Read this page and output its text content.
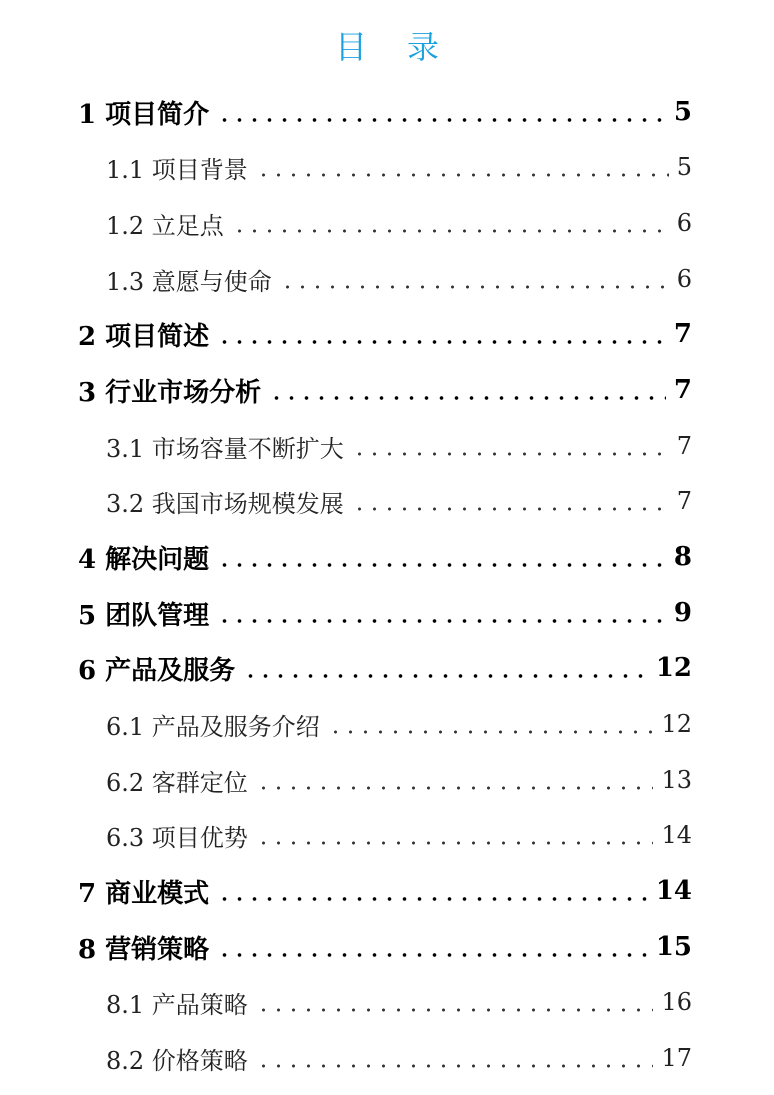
目 录
1 项目简介	5
1.1 项目背景	5
1.2 立足点	6
1.3 意愿与使命	6
2 项目简述	7
3 行业市场分析	7
3.1 市场容量不断扩大	7
3.2 我国市场规模发展	7
4 解决问题	8
5 团队管理	9
6 产品及服务	12
6.1 产品及服务介绍	12
6.2 客群定位	13
6.3 项目优势	14
7 商业模式	14
8 营销策略	15
8.1 产品策略	16
8.2 价格策略	17
